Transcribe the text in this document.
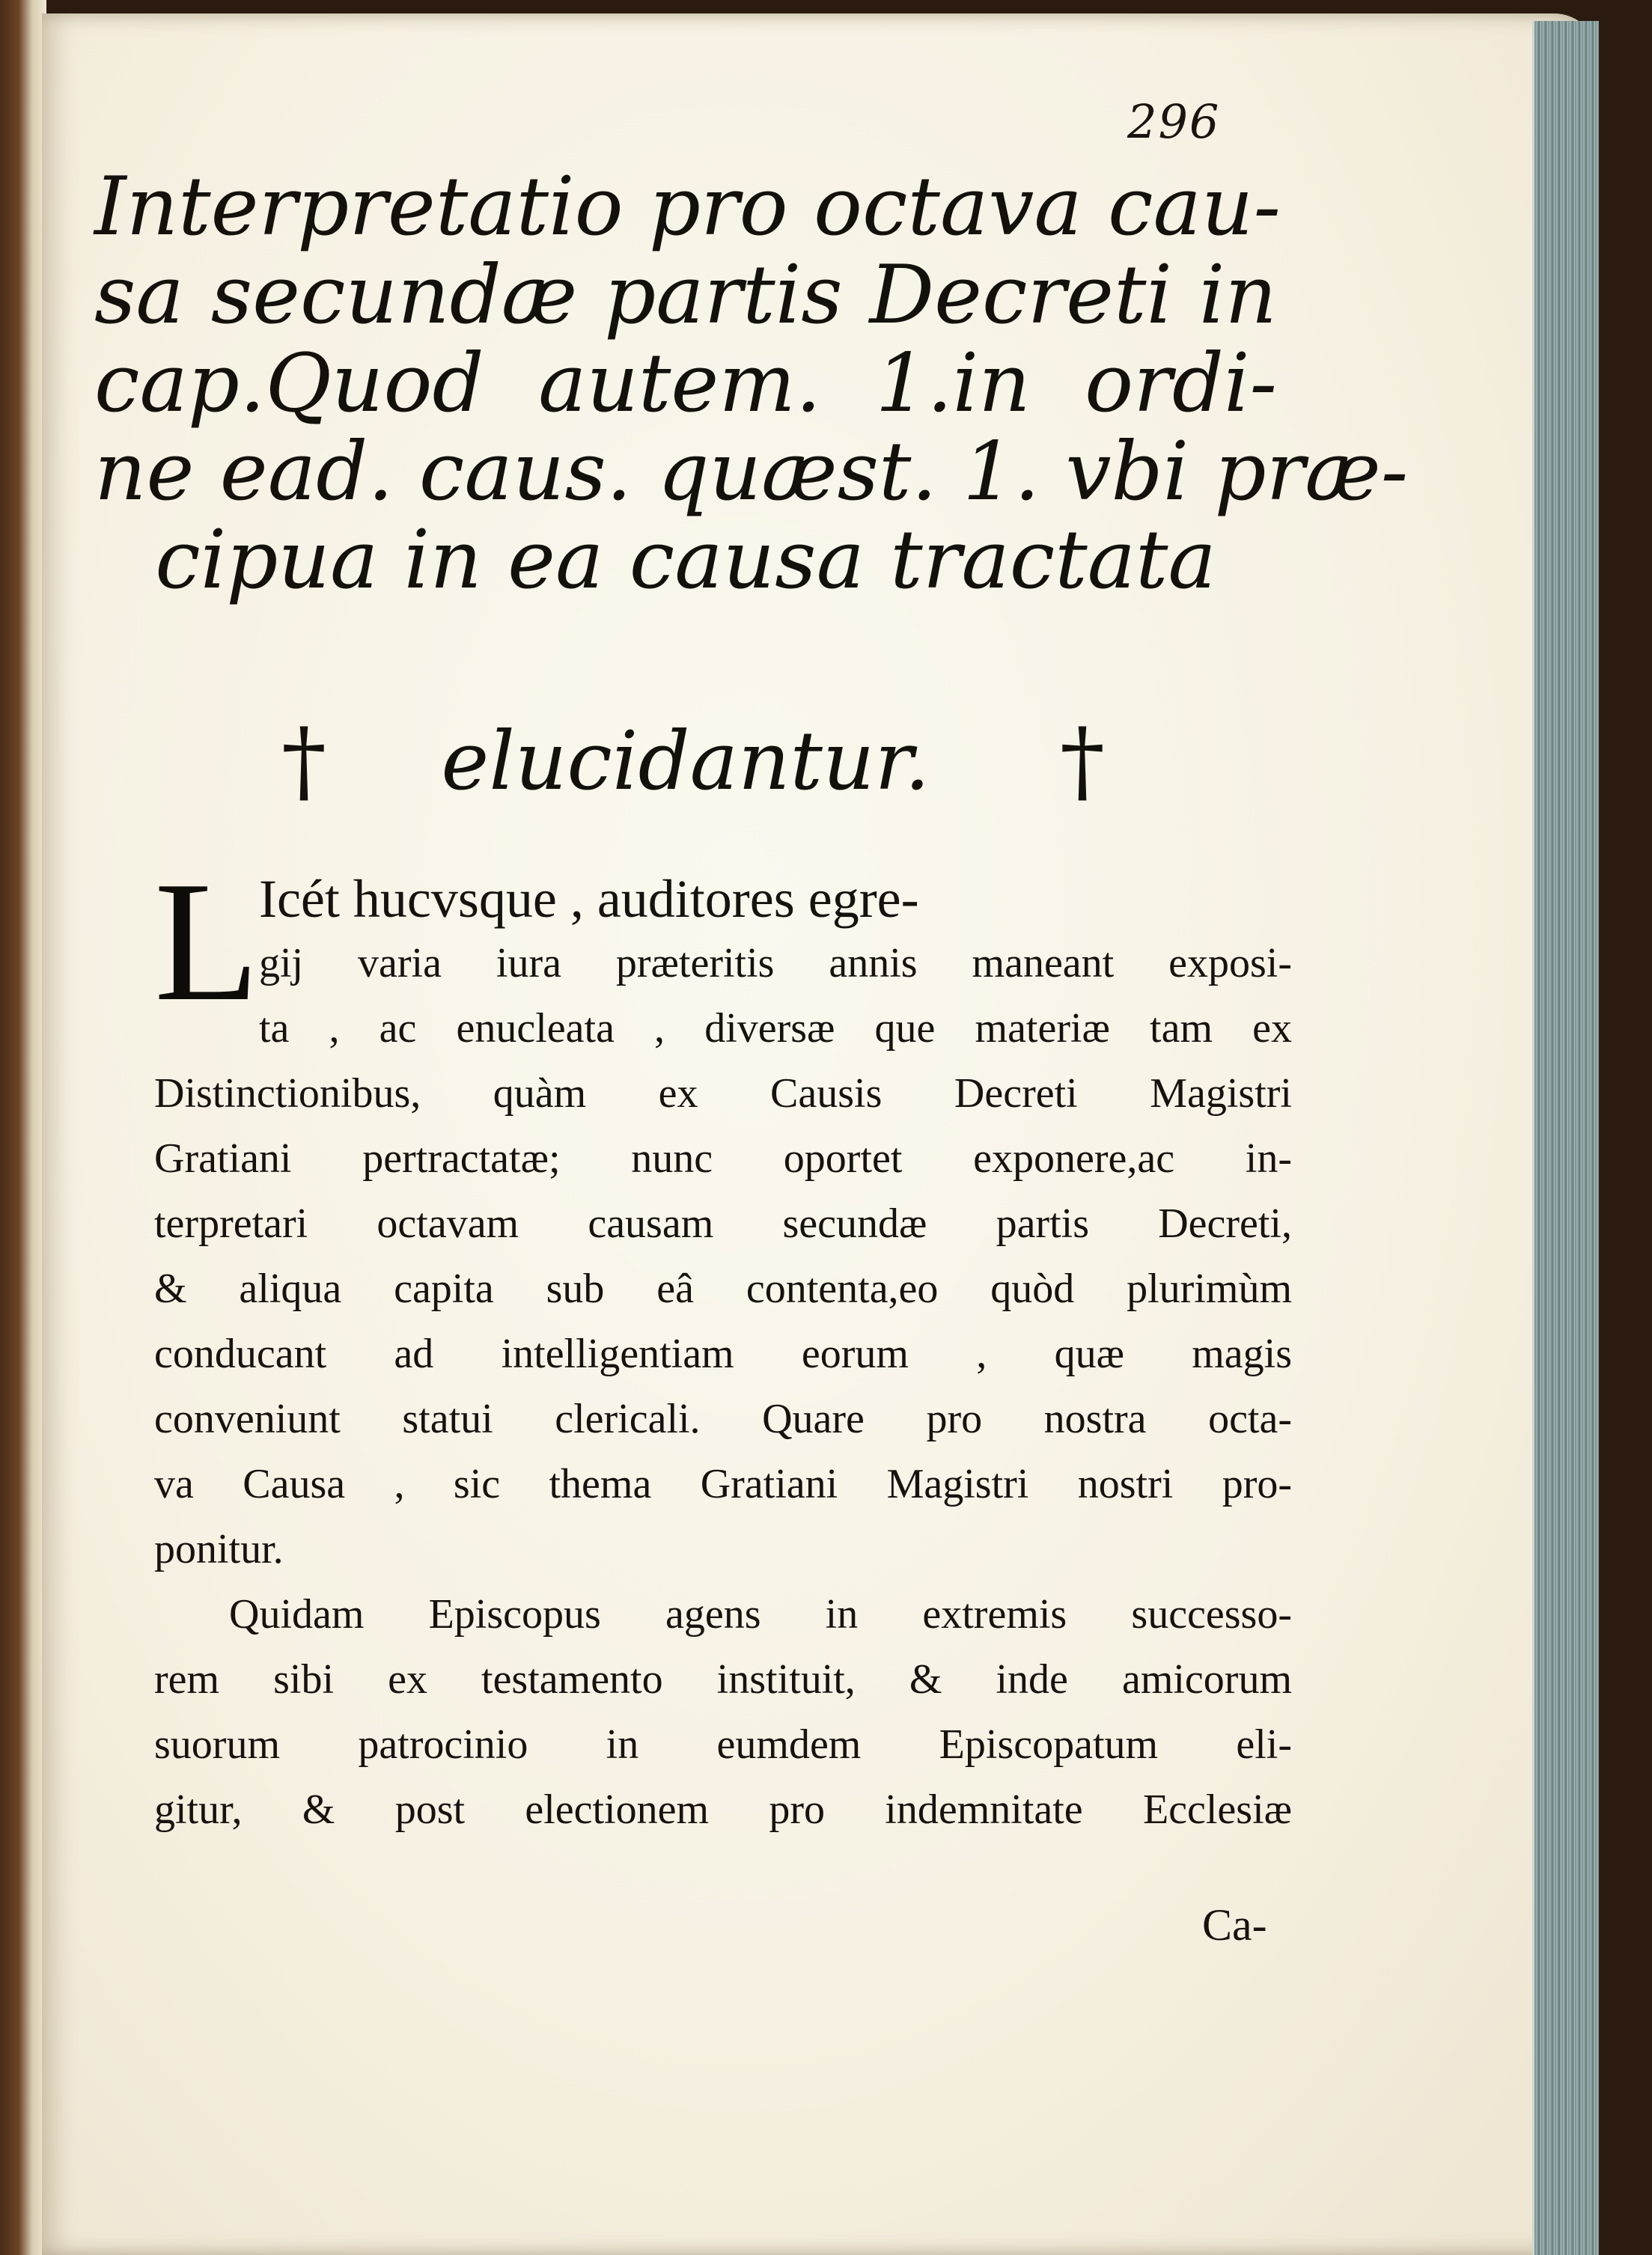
296
Interpretatio pro octava cau-
sa secundæ partis Decreti in
cap.Quod autem. 1.in ordi-
ne ead. caus. quæst. 1. vbi præ-
cipua in ea causa tractata
elucidantur.
†	†
L Icét hucvsque , auditores egre-
gij varia iura præteritis annis maneant exposi-
ta , ac enucleata , diversæ que materiæ tam ex
Distinctionibus, quàm ex Causis Decreti Magistri
Gratiani pertractatæ; nunc oportet exponere,ac in-
terpretari octavam causam secundæ partis Decreti,
& aliqua capita sub eâ contenta,eo quòd plurimùm
conducant ad intelligentiam eorum , quæ magis
conveniunt statui clericali. Quare pro nostra octa-
va Causa , sic thema Gratiani Magistri nostri pro-
ponitur.
Quidam Episcopus agens in extremis successo-
rem sibi ex testamento instituit, & inde amicorum
suorum patrocinio in eumdem Episcopatum eli-
gitur, & post electionem pro indemnitate Ecclesiæ
Ca-
